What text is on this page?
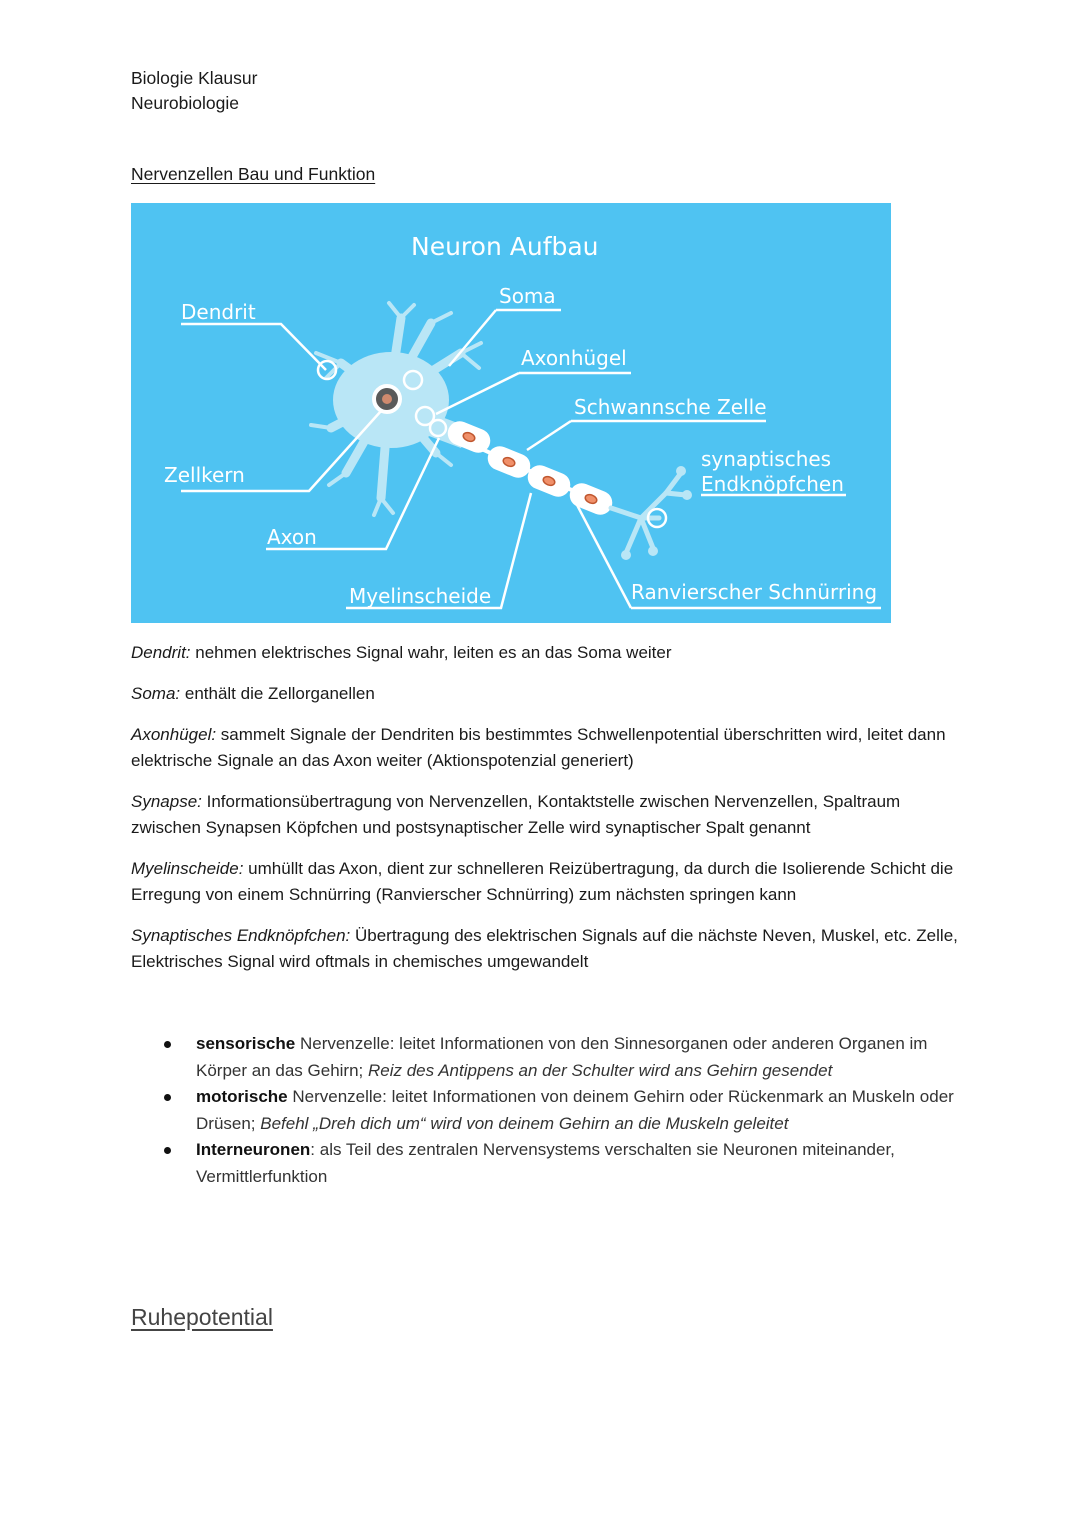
Biologie Klausur
Neurobiologie
Nervenzellen Bau und Funktion
Neuron Aufbau
Soma
Dendrit
Axonhügel
Schwannsche Zelle
synaptisches
Endknöpfchen
Zellkern
Axon
Myelinscheide	Ranvierscher Schnürring

Dendrit: nehmen elektrisches Signal wahr, leiten es an das Soma weiter

Soma: enthält die Zellorganellen

Axonhügel: sammelt Signale der Dendriten bis bestimmtes Schwellenpotential überschritten wird, leitet dann elektrische Signale an das Axon weiter (Aktionspotenzial generiert)

Synapse: Informationsübertragung von Nervenzellen, Kontaktstelle zwischen Nervenzellen, Spaltraum zwischen Synapsen Köpfchen und postsynaptischer Zelle wird synaptischer Spalt genannt

Myelinscheide: umhüllt das Axon, dient zur schnelleren Reizübertragung, da durch die Isolierende Schicht die Erregung von einem Schnürring (Ranvierscher Schnürring) zum nächsten springen kann

Synaptisches Endknöpfchen: Übertragung des elektrischen Signals auf die nächste Neven, Muskel, etc. Zelle, Elektrisches Signal wird oftmals in chemisches umgewandelt

sensorische Nervenzelle: leitet Informationen von den Sinnesorganen oder anderen Organen im Körper an das Gehirn; Reiz des Antippens an der Schulter wird ans Gehirn gesendet
motorische Nervenzelle: leitet Informationen von deinem Gehirn oder Rückenmark an Muskeln oder Drüsen; Befehl „Dreh dich um“ wird von deinem Gehirn an die Muskeln geleitet
Interneuronen: als Teil des zentralen Nervensystems verschalten sie Neuronen miteinander, Vermittlerfunktion
Ruhepotential
